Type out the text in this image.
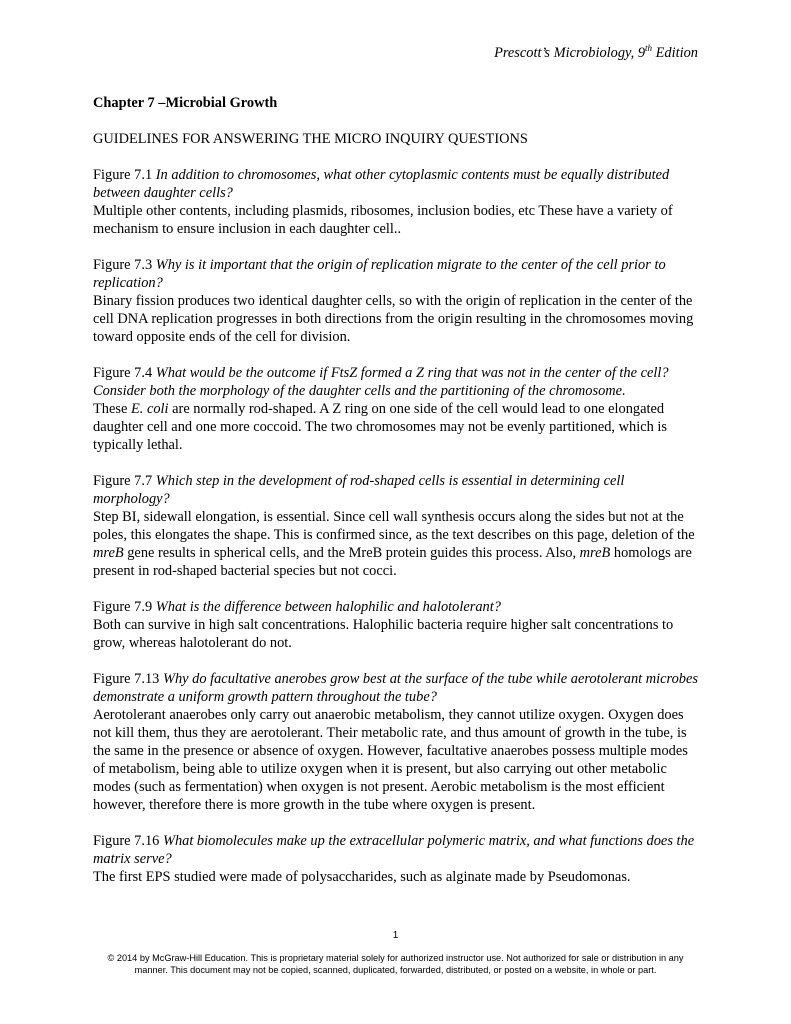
Prescott’s Microbiology, 9th Edition

Chapter 7 –Microbial Growth

GUIDELINES FOR ANSWERING THE MICRO INQUIRY QUESTIONS

Figure 7.1 In addition to chromosomes, what other cytoplasmic contents must be equally distributed between daughter cells?

Multiple other contents, including plasmids, ribosomes, inclusion bodies, etc These have a variety of mechanism to ensure inclusion in each daughter cell..

Figure 7.3 Why is it important that the origin of replication migrate to the center of the cell prior to replication?

Binary fission produces two identical daughter cells, so with the origin of replication in the center of the cell DNA replication progresses in both directions from the origin resulting in the chromosomes moving toward opposite ends of the cell for division.

Figure 7.4 What would be the outcome if FtsZ formed a Z ring that was not in the center of the cell? Consider both the morphology of the daughter cells and the partitioning of the chromosome.

These E. coli are normally rod-shaped. A Z ring on one side of the cell would lead to one elongated daughter cell and one more coccoid. The two chromosomes may not be evenly partitioned, which is typically lethal.

Figure 7.7 Which step in the development of rod-shaped cells is essential in determining cell morphology?

Step BI, sidewall elongation, is essential. Since cell wall synthesis occurs along the sides but not at the poles, this elongates the shape. This is confirmed since, as the text describes on this page, deletion of the mreB gene results in spherical cells, and the MreB protein guides this process. Also, mreB homologs are present in rod-shaped bacterial species but not cocci.

Figure 7.9 What is the difference between halophilic and halotolerant?

Both can survive in high salt concentrations. Halophilic bacteria require higher salt concentrations to grow, whereas halotolerant do not.

Figure 7.13 Why do facultative anerobes grow best at the surface of the tube while aerotolerant microbes demonstrate a uniform growth pattern throughout the tube?

Aerotolerant anaerobes only carry out anaerobic metabolism, they cannot utilize oxygen. Oxygen does not kill them, thus they are aerotolerant. Their metabolic rate, and thus amount of growth in the tube, is the same in the presence or absence of oxygen. However, facultative anaerobes possess multiple modes of metabolism, being able to utilize oxygen when it is present, but also carrying out other metabolic modes (such as fermentation) when oxygen is not present. Aerobic metabolism is the most efficient however, therefore there is more growth in the tube where oxygen is present.

Figure 7.16 What biomolecules make up the extracellular polymeric matrix, and what functions does the matrix serve?

The first EPS studied were made of polysaccharides, such as alginate made by Pseudomonas.

1
© 2014 by McGraw-Hill Education. This is proprietary material solely for authorized instructor use. Not authorized for sale or distribution in any manner. This document may not be copied, scanned, duplicated, forwarded, distributed, or posted on a website, in whole or part.
